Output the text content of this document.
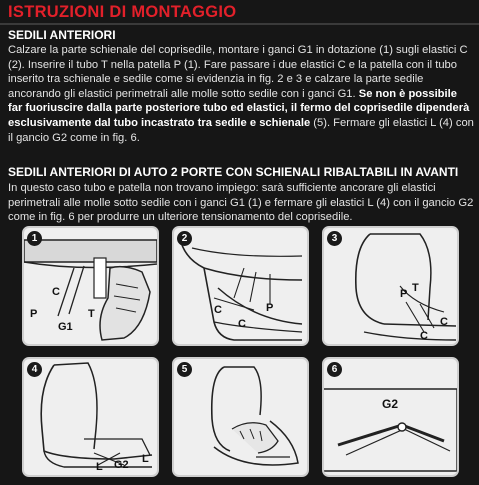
ISTRUZIONI DI MONTAGGIO
SEDILI ANTERIORI
Calzare la parte schienale del coprisedile, montare i ganci G1 in dotazione (1) sugli elastici C (2). Inserire il tubo T nella patella P (1). Fare passare i due elastici C e la patella con il tubo inserito tra schienale e sedile come si evidenzia in fig. 2 e 3 e calzare la parte sedile ancorando gli elastici perimetrali alle molle sotto sedile con i ganci G1. Se non è possibile far fuoriuscire dalla parte posteriore tubo ed elastici, il fermo del coprisedile dipenderà esclusivamente dal tubo incastrato tra sedile e schienale (5). Fermare gli elastici L (4) con il gancio G2 come in fig. 6.
SEDILI ANTERIORI DI AUTO 2 PORTE CON SCHIENALI RIBALTABILI IN AVANTI
In questo caso tubo e patella non trovano impiego: sarà sufficiente ancorare gli elastici perimetrali alle molle sotto sedile con i ganci G1 (1) e fermare gli elastici L (4) con il gancio G2 come in fig. 6 per produrre un ulteriore tensionamento del coprisedile.
1
C
P
G1
T
2
C	P
C
3
P T
C
C
4
L G2 L
5	6
G2
